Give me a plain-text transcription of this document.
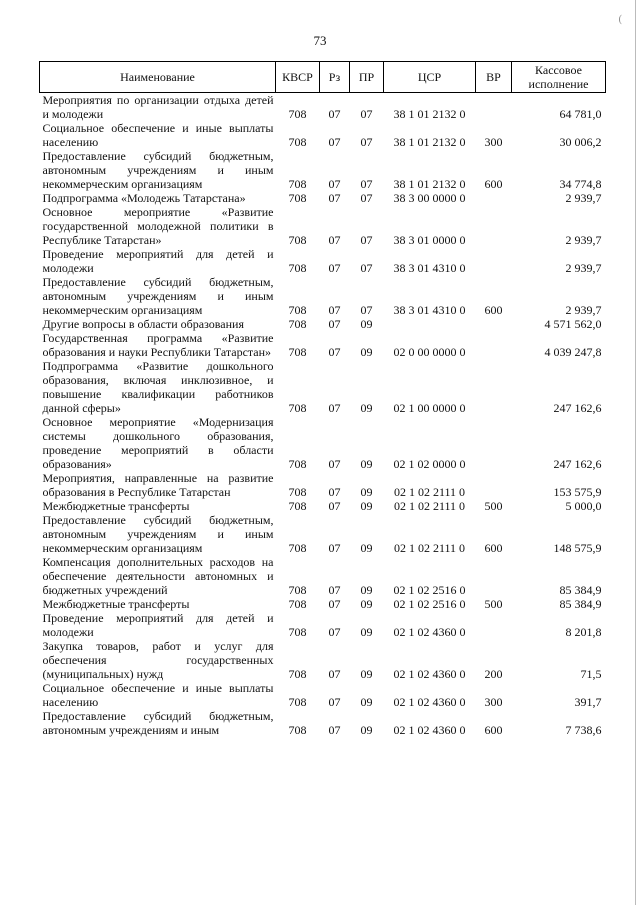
(
73
Наименование	КВСР	Рз	ПР	ЦСР	ВР	Кассовое исполнение
Мероприятия по организации отдыха детей и молодежи	708	07	07	38 1 01 2132 0		64 781,0
Социальное обеспечение и иные выплаты населению	708	07	07	38 1 01 2132 0	300	30 006,2
Предоставление субсидий бюджетным, автономным учреждениям и иным некоммерческим организациям	708	07	07	38 1 01 2132 0	600	34 774,8
Подпрограмма «Молодежь Татарстана»	708	07	07	38 3 00 0000 0		2 939,7
Основное мероприятие «Развитие государственной молодежной политики в Республике Татарстан»	708	07	07	38 3 01 0000 0		2 939,7
Проведение мероприятий для детей и молодежи	708	07	07	38 3 01 4310 0		2 939,7
Предоставление субсидий бюджетным, автономным учреждениям и иным некоммерческим организациям	708	07	07	38 3 01 4310 0	600	2 939,7
Другие вопросы в области образования	708	07	09			4 571 562,0
Государственная программа «Развитие образования и науки Республики Татарстан»	708	07	09	02 0 00 0000 0		4 039 247,8
Подпрограмма «Развитие дошкольного образования, включая инклюзивное, и повышение квалификации работников данной сферы»	708	07	09	02 1 00 0000 0		247 162,6
Основное мероприятие «Модернизация системы дошкольного образования, проведение мероприятий в области образования»	708	07	09	02 1 02 0000 0		247 162,6
Мероприятия, направленные на развитие образования в Республике Татарстан	708	07	09	02 1 02 2111 0		153 575,9
Межбюджетные трансферты	708	07	09	02 1 02 2111 0	500	5 000,0
Предоставление субсидий бюджетным, автономным учреждениям и иным некоммерческим организациям	708	07	09	02 1 02 2111 0	600	148 575,9
Компенсация дополнительных расходов на обеспечение деятельности автономных и бюджетных учреждений	708	07	09	02 1 02 2516 0		85 384,9
Межбюджетные трансферты	708	07	09	02 1 02 2516 0	500	85 384,9
Проведение мероприятий для детей и молодежи	708	07	09	02 1 02 4360 0		8 201,8
Закупка товаров, работ и услуг для обеспечения государственных (муниципальных) нужд	708	07	09	02 1 02 4360 0	200	71,5
Социальное обеспечение и иные выплаты населению	708	07	09	02 1 02 4360 0	300	391,7
Предоставление субсидий бюджетным, автономным учреждениям и иным	708	07	09	02 1 02 4360 0	600	7 738,6
